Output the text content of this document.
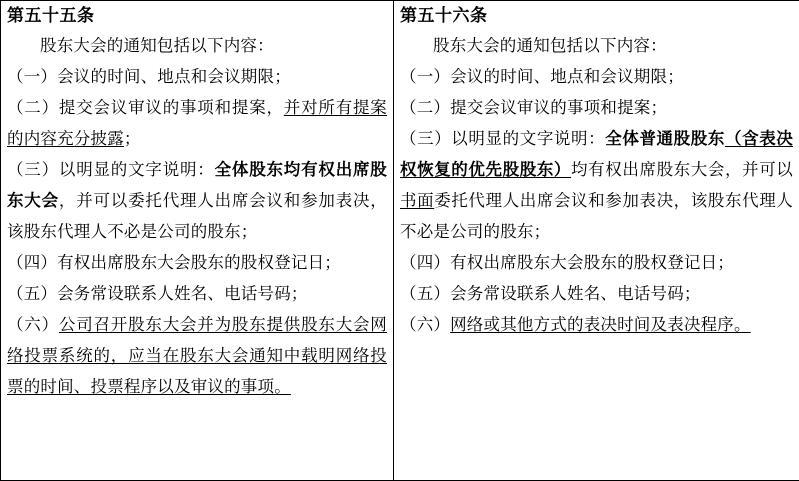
第五十五条
股东大会的通知包括以下内容：
（一）会议的时间、地点和会议期限；
（二）提交会议审议的事项和提案，并对所有提案的内容充分披露；
（三）以明显的文字说明：全体股东均有权出席股东大会，并可以委托代理人出席会议和参加表决，该股东代理人不必是公司的股东；
（四）有权出席股东大会股东的股权登记日；
（五）会务常设联系人姓名、电话号码；
（六）公司召开股东大会并为股东提供股东大会网络投票系统的，应当在股东大会通知中载明网络投票的时间、投票程序以及审议的事项。

第五十六条
股东大会的通知包括以下内容：
（一）会议的时间、地点和会议期限；
（二）提交会议审议的事项和提案；
（三）以明显的文字说明：全体普通股股东（含表决权恢复的优先股股东）均有权出席股东大会，并可以书面委托代理人出席会议和参加表决，该股东代理人不必是公司的股东；
（四）有权出席股东大会股东的股权登记日；
（五）会务常设联系人姓名、电话号码；
（六）网络或其他方式的表决时间及表决程序。
